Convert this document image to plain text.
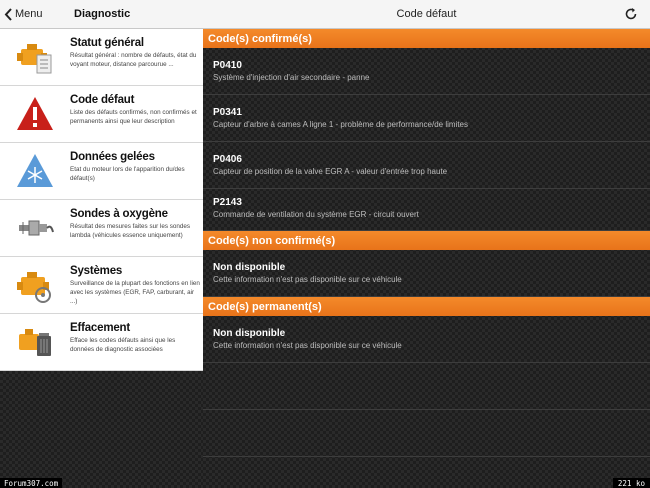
Menu	Diagnostic	Code défaut
Statut général
Résultat général : nombre de défauts, état du voyant moteur, distance parcourue ...
Code défaut
Liste des défauts confirmés, non confirmés et permanents ainsi que leur description
Données gelées
Etat du moteur lors de l'apparition du/des défaut(s)
Sondes à oxygène
Résultat des mesures faites sur les sondes lambda (véhicules essence uniquement)
Systèmes
Surveillance de la plupart des fonctions en lien avec les systèmes (EGR, FAP, carburant, air ...)
Effacement
Efface les codes défauts ainsi que les données de diagnostic associées
Code(s) confirmé(s)
P0410
Système d'injection d'air secondaire - panne
P0341
Capteur d'arbre à cames A ligne 1 - problème de performance/de limites
P0406
Capteur de position de la valve EGR A - valeur d'entrée trop haute
P2143
Commande de ventilation du système EGR - circuit ouvert
Code(s) non confirmé(s)
Non disponible
Cette information n'est pas disponible sur ce véhicule
Code(s) permanent(s)
Non disponible
Cette information n'est pas disponible sur ce véhicule
Forum307.com	221 ko
